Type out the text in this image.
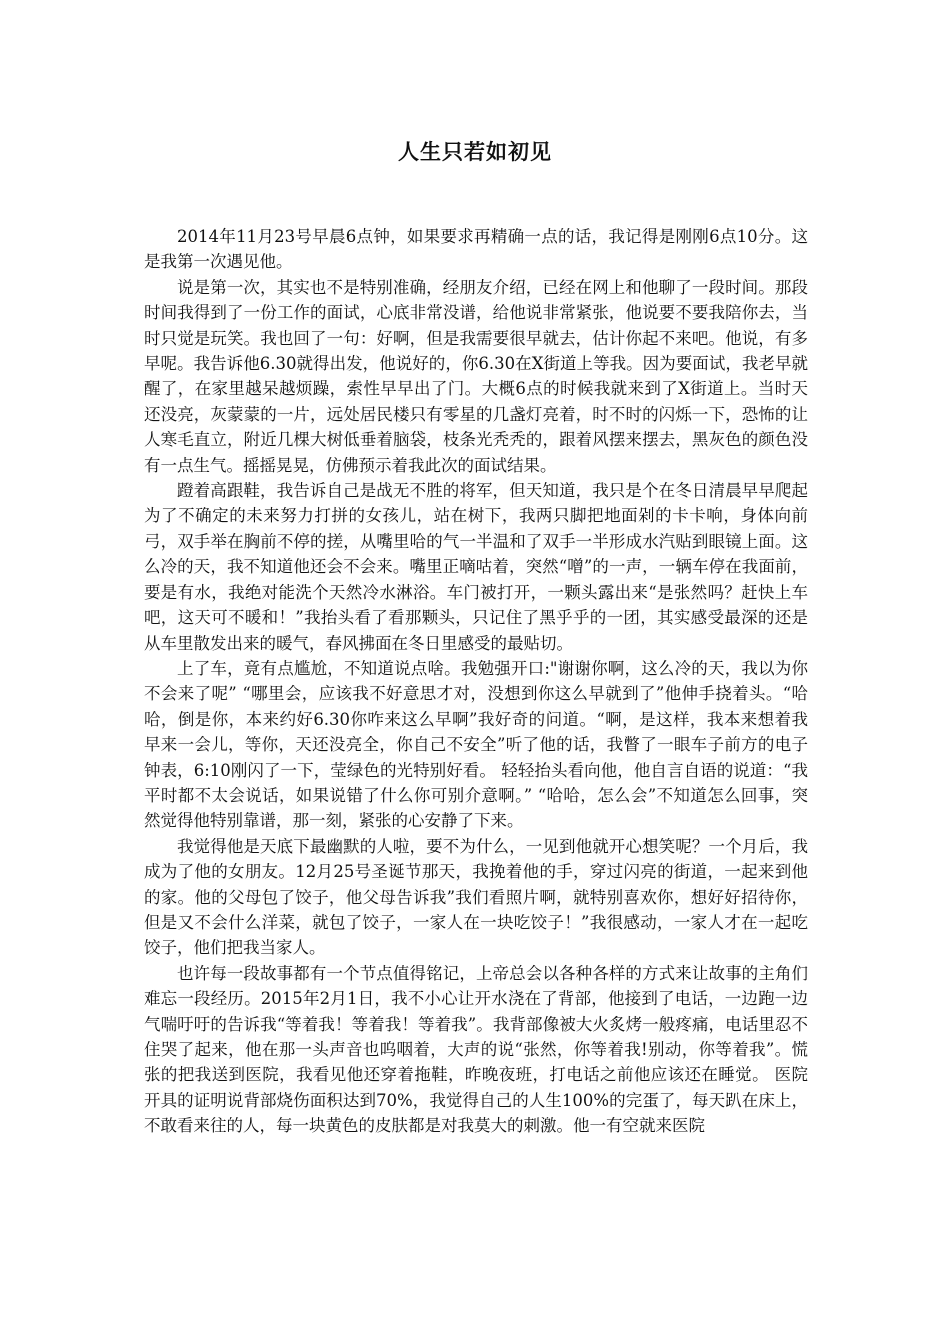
人生只若如初见

2014年11月23号早晨6点钟，如果要求再精确一点的话，我记得是刚刚6点10分。这是我第一次遇见他。

说是第一次，其实也不是特别准确，经朋友介绍，已经在网上和他聊了一段时间。那段时间我得到了一份工作的面试，心底非常没谱，给他说非常紧张，他说要不要我陪你去，当时只觉是玩笑。我也回了一句：好啊，但是我需要很早就去，估计你起不来吧。他说，有多早呢。我告诉他6.30就得出发，他说好的，你6.30在X街道上等我。因为要面试，我老早就醒了，在家里越呆越烦躁，索性早早出了门。大概6点的时候我就来到了X街道上。当时天还没亮，灰蒙蒙的一片，远处居民楼只有零星的几盏灯亮着，时不时的闪烁一下，恐怖的让人寒毛直立，附近几棵大树低垂着脑袋，枝条光秃秃的，跟着风摆来摆去，黑灰色的颜色没有一点生气。摇摇晃晃，仿佛预示着我此次的面试结果。

蹬着高跟鞋，我告诉自己是战无不胜的将军，但天知道，我只是个在冬日清晨早早爬起为了不确定的未来努力打拼的女孩儿，站在树下，我两只脚把地面剁的卡卡响，身体向前弓，双手举在胸前不停的搓，从嘴里哈的气一半温和了双手一半形成水汽贴到眼镜上面。这么冷的天，我不知道他还会不会来。嘴里正嘀咕着，突然“噌”的一声，一辆车停在我面前，要是有水，我绝对能洗个天然冷水淋浴。车门被打开，一颗头露出来“是张然吗？赶快上车吧，这天可不暖和！”我抬头看了看那颗头，只记住了黑乎乎的一团，其实感受最深的还是从车里散发出来的暖气，春风拂面在冬日里感受的最贴切。

上了车，竟有点尴尬，不知道说点啥。我勉强开口:"谢谢你啊，这么冷的天，我以为你不会来了呢” “哪里会，应该我不好意思才对，没想到你这么早就到了”他伸手挠着头。“哈哈，倒是你，本来约好6.30你咋来这么早啊”我好奇的问道。“啊，是这样，我本来想着我早来一会儿，等你，天还没亮全，你自己不安全”听了他的话，我瞥了一眼车子前方的电子钟表，6:10刚闪了一下，莹绿色的光特别好看。 轻轻抬头看向他，他自言自语的说道：“我平时都不太会说话，如果说错了什么你可别介意啊。” “哈哈，怎么会”不知道怎么回事，突然觉得他特别靠谱，那一刻，紧张的心安静了下来。

我觉得他是天底下最幽默的人啦，要不为什么，一见到他就开心想笑呢？一个月后，我成为了他的女朋友。12月25号圣诞节那天，我挽着他的手，穿过闪亮的街道，一起来到他的家。他的父母包了饺子，他父母告诉我”我们看照片啊，就特别喜欢你，想好好招待你，但是又不会什么洋菜，就包了饺子，一家人在一块吃饺子！”我很感动，一家人才在一起吃饺子，他们把我当家人。

也许每一段故事都有一个节点值得铭记，上帝总会以各种各样的方式来让故事的主角们难忘一段经历。2015年2月1日，我不小心让开水浇在了背部，他接到了电话，一边跑一边气喘吁吁的告诉我“等着我！等着我！等着我”。我背部像被大火炙烤一般疼痛，电话里忍不住哭了起来，他在那一头声音也呜咽着，大声的说“张然，你等着我!别动，你等着我”。慌张的把我送到医院，我看见他还穿着拖鞋，昨晚夜班，打电话之前他应该还在睡觉。 医院开具的证明说背部烧伤面积达到70%，我觉得自己的人生100%的完蛋了，每天趴在床上，不敢看来往的人，每一块黄色的皮肤都是对我莫大的刺激。他一有空就来医院
